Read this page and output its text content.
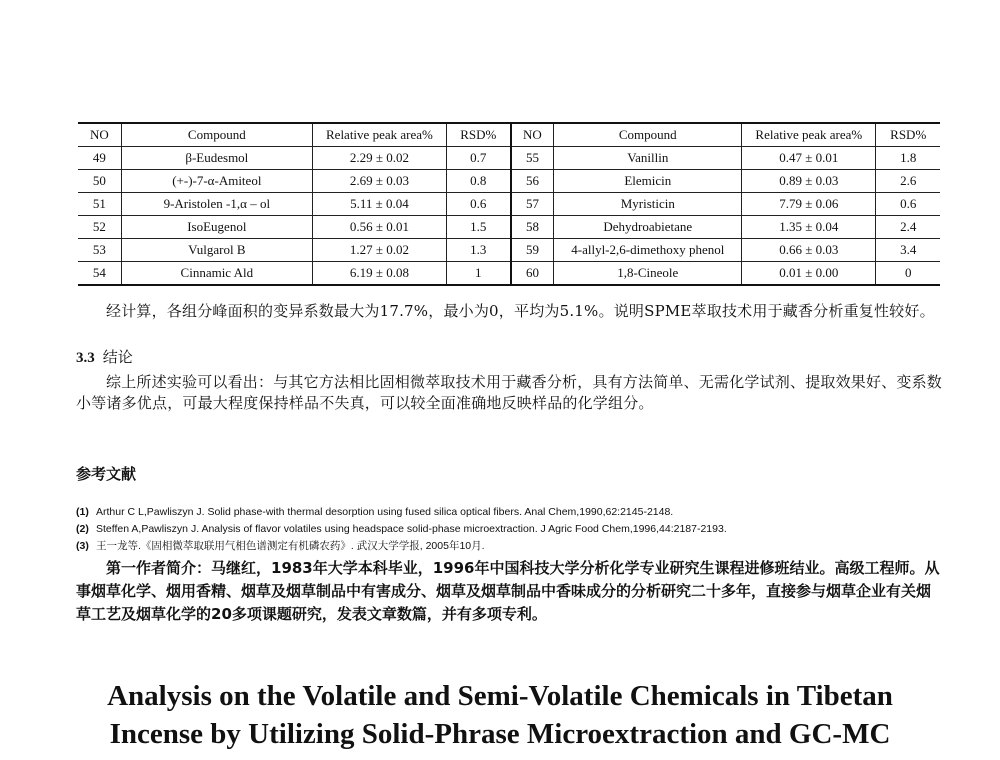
NO	Compound	Relative peak area%	RSD%	NO	Compound	Relative peak area%	RSD%
49	β-Eudesmol	2.29 ± 0.02	0.7	55	Vanillin	0.47 ± 0.01	1.8
50	(+-)-7-α-Amiteol	2.69 ± 0.03	0.8	56	Elemicin	0.89 ± 0.03	2.6
51	9-Aristolen -1,α – ol	5.11 ± 0.04	0.6	57	Myristicin	7.79 ± 0.06	0.6
52	IsoEugenol	0.56 ± 0.01	1.5	58	Dehydroabietane	1.35 ± 0.04	2.4
53	Vulgarol B	1.27 ± 0.02	1.3	59	4-allyl-2,6-dimethoxy phenol	0.66 ± 0.03	3.4
54	Cinnamic Ald	6.19 ± 0.08	1	60	1,8-Cineole	0.01 ± 0.00	0
经计算，各组分峰面积的变异系数最大为17.7%，最小为0，平均为5.1%。说明SPME萃取技术用于藏香分析重复性较好。
3.3 结论
综上所述实验可以看出：与其它方法相比固相微萃取技术用于藏香分析，具有方法简单、无需化学试剂、提取效果好、变系数小等诸多优点，可最大程度保持样品不失真，可以较全面准确地反映样品的化学组分。
参考文献
(1) Arthur C L,Pawliszyn J. Solid phase-with thermal desorption using fused silica optical fibers. Anal Chem,1990,62:2145-2148.
(2) Steffen A,Pawliszyn J. Analysis of flavor volatiles using headspace solid-phase microextraction. J Agric Food Chem,1996,44:2187-2193.
(3) 王一龙等.《固相微萃取联用气相色谱测定有机磷农药》. 武汉大学学报, 2005年10月.
第一作者简介：马继红，1983年大学本科毕业，1996年中国科技大学分析化学专业研究生课程进修班结业。高级工程师。从事烟草化学、烟用香精、烟草及烟草制品中有害成分、烟草及烟草制品中香味成分的分析研究二十多年，直接参与烟草企业有关烟草工艺及烟草化学的20多项课题研究，发表文章数篇，并有多项专利。
Analysis on the Volatile and Semi-Volatile Chemicals in Tibetan
Incense by Utilizing Solid-Phrase Microextraction and GC-MC
